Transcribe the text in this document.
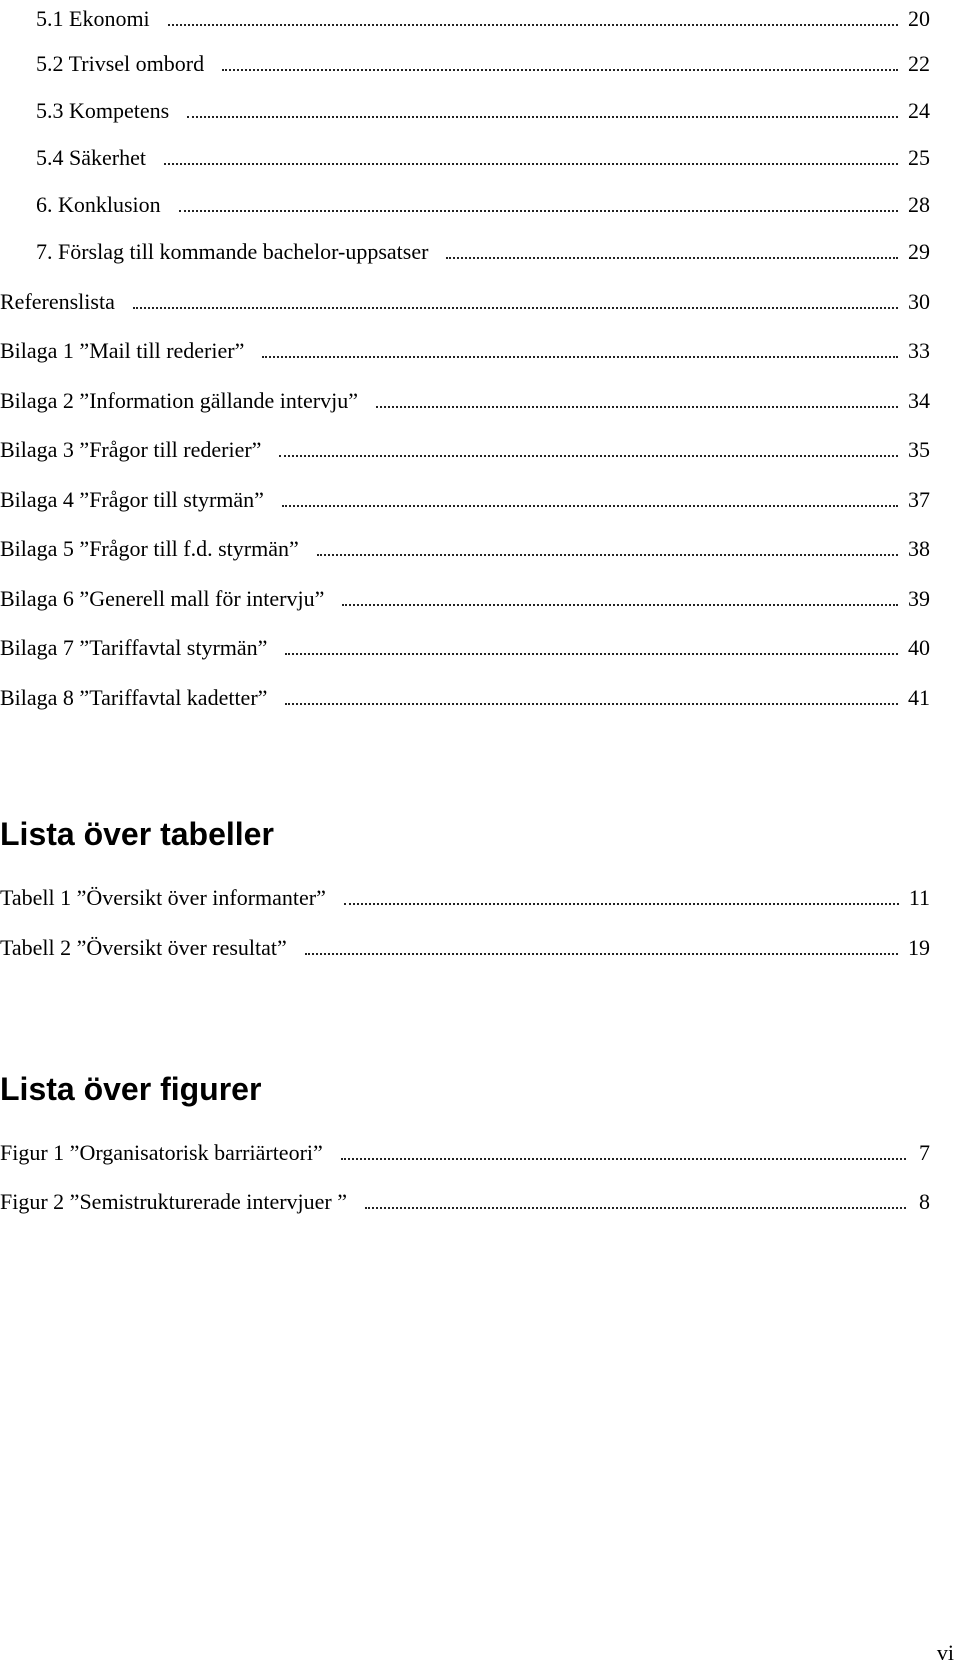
5.1 Ekonomi	20
5.2 Trivsel ombord	22
5.3 Kompetens	24
5.4 Säkerhet	25
6. Konklusion	28
7. Förslag till kommande bachelor-uppsatser	29
Referenslista	30
Bilaga 1 ”Mail till rederier”	33
Bilaga 2 ”Information gällande intervju”	34
Bilaga 3 ”Frågor till rederier”	35
Bilaga 4 ”Frågor till styrmän”	37
Bilaga 5 ”Frågor till f.d. styrmän”	38
Bilaga 6 ”Generell mall för intervju”	39
Bilaga 7 ”Tariffavtal styrmän”	40
Bilaga 8 ”Tariffavtal kadetter”	41
Lista över tabeller
Tabell 1 ”Översikt över informanter”	11
Tabell 2 ”Översikt över resultat”	19
Lista över figurer
Figur 1 ”Organisatorisk barriärteori”	7
Figur 2 ”Semistrukturerade intervjuer ”	8
vi
